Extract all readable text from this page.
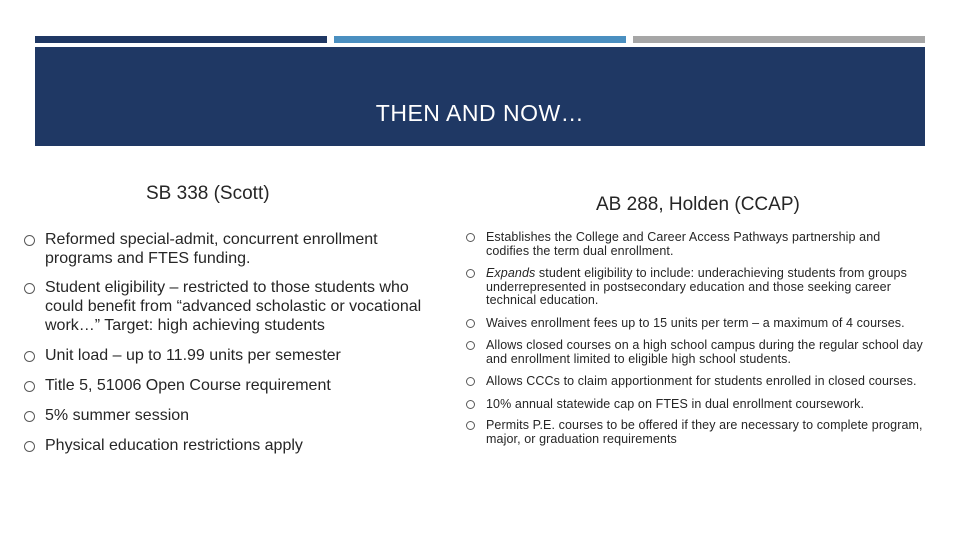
THEN AND NOW…
SB 338 (Scott)
AB 288, Holden (CCAP)
Reformed special-admit, concurrent enrollment programs and FTES funding.
Student eligibility – restricted to those students who could benefit from “advanced scholastic or vocational work…” Target: high achieving students
Unit load – up to 11.99 units per semester
Title 5, 51006 Open Course requirement
5% summer session
Physical education restrictions apply
Establishes the College and Career Access Pathways partnership and codifies the term dual enrollment.
Expands student eligibility to include: underachieving students from groups underrepresented in postsecondary education and those seeking career technical education.
Waives enrollment fees up to 15 units per term – a maximum of 4 courses.
Allows closed courses on a high school campus during the regular school day and enrollment limited to eligible high school students.
Allows CCCs to claim apportionment for students enrolled in closed courses.
10% annual statewide cap on FTES in dual enrollment coursework.
Permits P.E. courses to be offered if they are necessary to complete program, major, or graduation requirements
